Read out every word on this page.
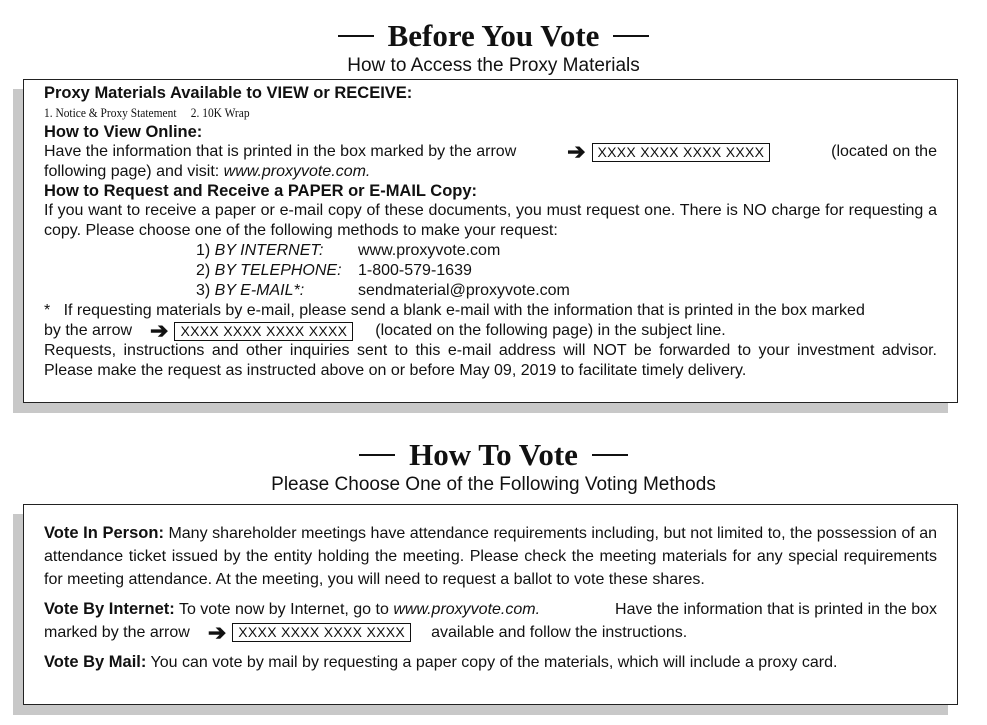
Before You Vote
How to Access the Proxy Materials
Proxy Materials Available to VIEW or RECEIVE:
1. Notice & Proxy Statement     2. 10K Wrap
How to View Online:
Have the information that is printed in the box marked by the arrow ➔ XXXX XXXX XXXX XXXX	(located on the
following page) and visit: www.proxyvote.com.
How to Request and Receive a PAPER or E-MAIL Copy:
If you want to receive a paper or e-mail copy of these documents, you must request one. There is NO charge for requesting a copy. Please choose one of the following methods to make your request:
1) BY INTERNET:	www.proxyvote.com
2) BY TELEPHONE:	1-800-579-1639
3) BY E-MAIL*:	sendmaterial@proxyvote.com
*   If requesting materials by e-mail, please send a blank e-mail with the information that is printed in the box marked
by the arrow ➔ XXXX XXXX XXXX XXXX	(located on the following page) in the subject line.
Requests, instructions and other inquiries sent to this e-mail address will NOT be forwarded to your investment advisor. Please make the request as instructed above on or before May 09, 2019 to facilitate timely delivery.
How To Vote
Please Choose One of the Following Voting Methods
Vote In Person: Many shareholder meetings have attendance requirements including, but not limited to, the possession of an attendance ticket issued by the entity holding the meeting. Please check the meeting materials for any special requirements for meeting attendance. At the meeting, you will need to request a ballot to vote these shares.
Vote By Internet: To vote now by Internet, go to www.proxyvote.com.	Have the information that is printed in the box
marked by the arrow ➔ XXXX XXXX XXXX XXXX	available and follow the instructions.
Vote By Mail: You can vote by mail by requesting a paper copy of the materials, which will include a proxy card.
